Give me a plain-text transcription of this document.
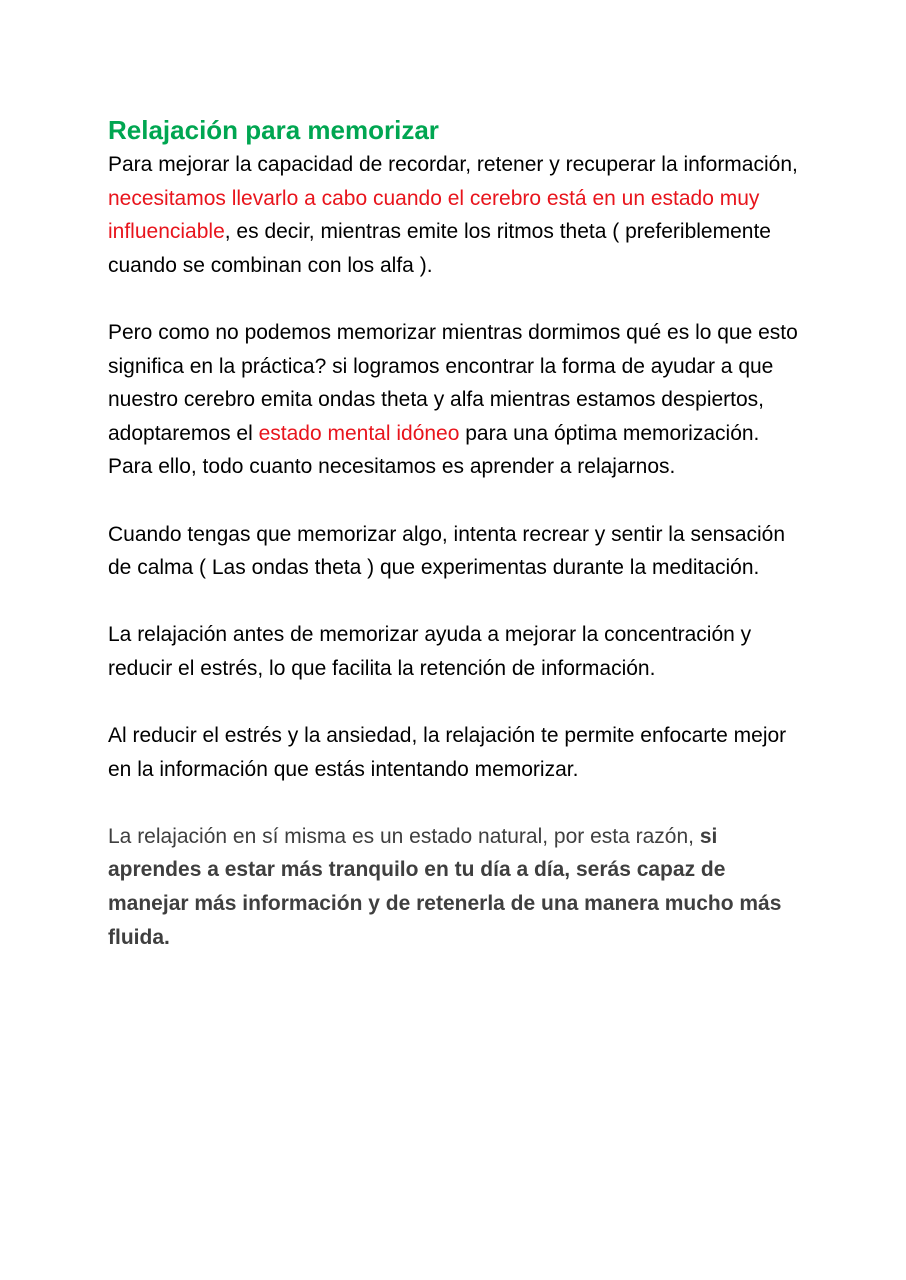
Relajación para memorizar

Para mejorar la capacidad de recordar, retener y recuperar la información, necesitamos llevarlo a cabo cuando el cerebro está en un estado muy influenciable, es decir, mientras emite los ritmos theta ( preferiblemente cuando se combinan con los alfa ).

Pero como no podemos memorizar mientras dormimos qué es lo que esto significa en la práctica? si logramos encontrar la forma de ayudar a que nuestro cerebro emita ondas theta y alfa mientras estamos despiertos, adoptaremos el estado mental idóneo para una óptima memorización. Para ello, todo cuanto necesitamos es aprender a relajarnos.

Cuando tengas que memorizar algo, intenta recrear y sentir la sensación de calma ( Las ondas theta ) que experimentas durante la meditación.

La relajación antes de memorizar ayuda a mejorar la concentración y reducir el estrés, lo que facilita la retención de información.

Al reducir el estrés y la ansiedad, la relajación te permite enfocarte mejor en la información que estás intentando memorizar.

La relajación en sí misma es un estado natural, por esta razón, si aprendes a estar más tranquilo en tu día a día, serás capaz de manejar más información y de retenerla de una manera mucho más fluida.
